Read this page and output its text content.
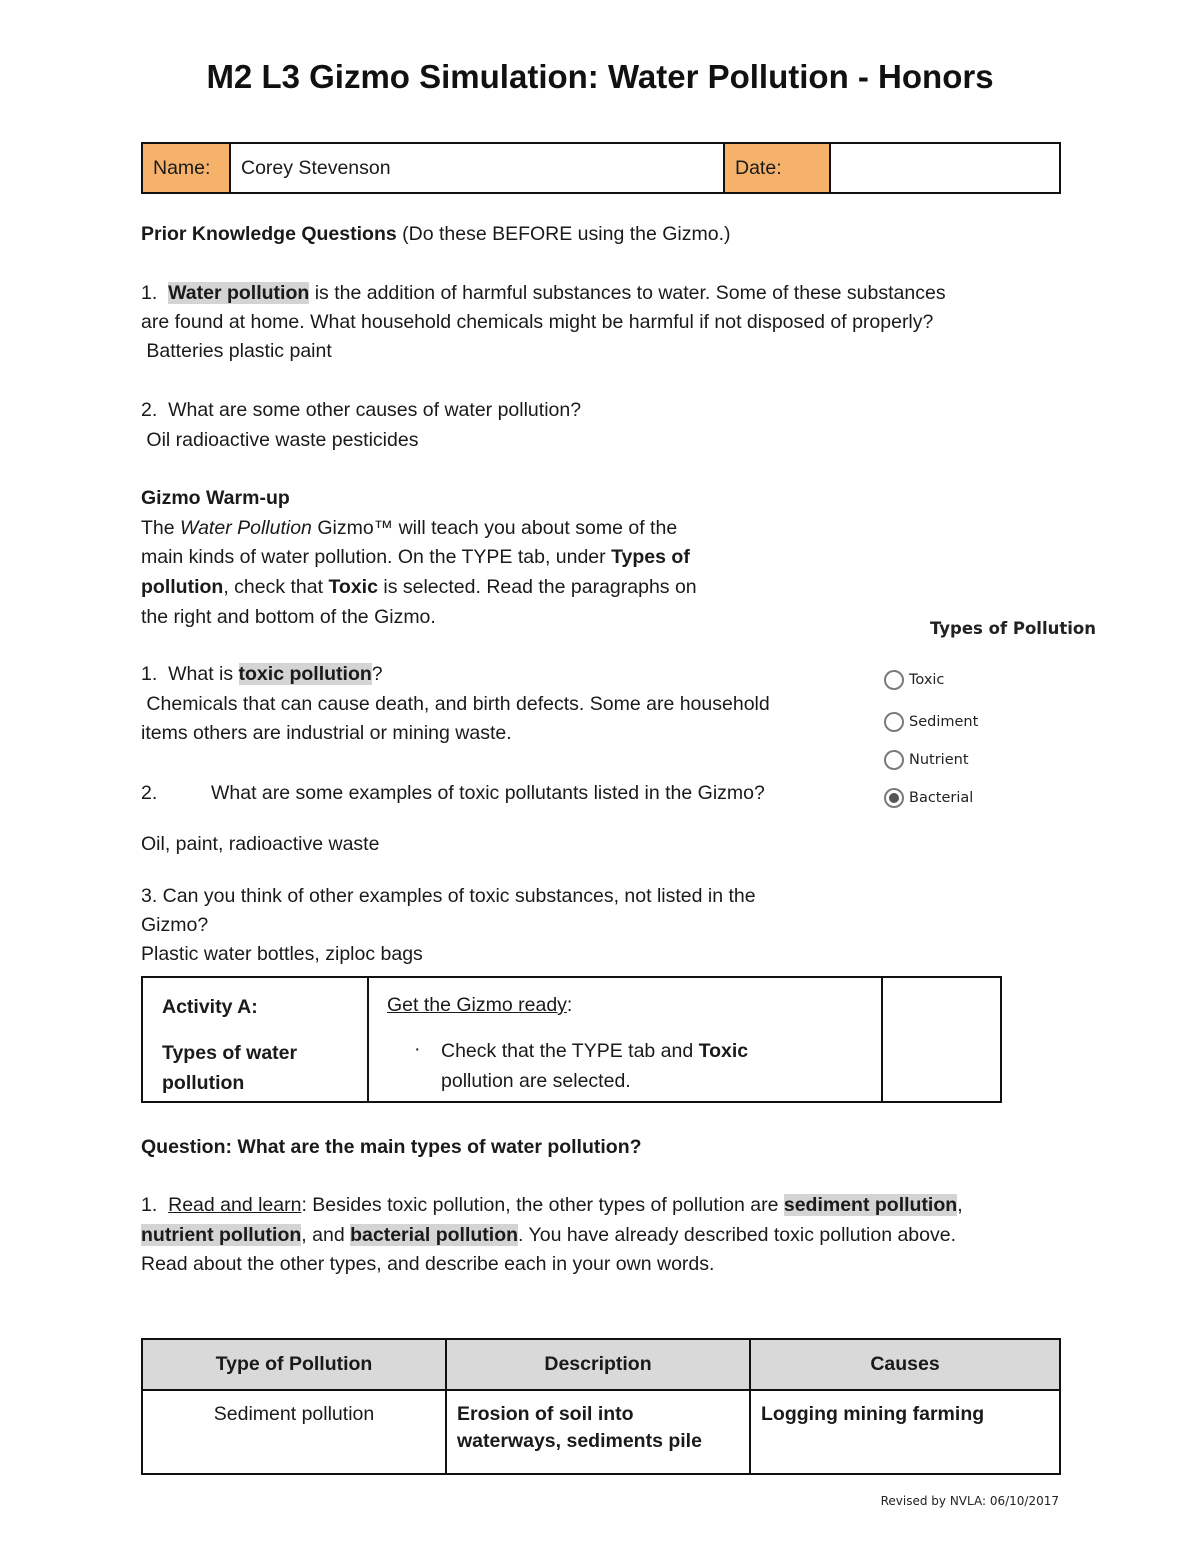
M2 L3 Gizmo Simulation: Water Pollution - Honors
Name:	Corey Stevenson	Date:	
Prior Knowledge Questions (Do these BEFORE using the Gizmo.)
1. Water pollution is the addition of harmful substances to water. Some of these substances
are found at home. What household chemicals might be harmful if not disposed of properly?
Batteries plastic paint
2.  What are some other causes of water pollution?
Oil radioactive waste pesticides
Gizmo Warm-up
The Water Pollution Gizmo™ will teach you about some of the
main kinds of water pollution. On the TYPE tab, under Types of
pollution, check that Toxic is selected. Read the paragraphs on
the right and bottom of the Gizmo.
1.  What is toxic pollution?
Chemicals that can cause death, and birth defects. Some are household
items others are industrial or mining waste.
2.	What are some examples of toxic pollutants listed in the Gizmo?
Oil, paint, radioactive waste
3. Can you think of other examples of toxic substances, not listed in the
Gizmo?
Plastic water bottles, ziploc bags
Types of Pollution
Toxic
Sediment
Nutrient
Bacterial
Activity A:
Types of water
pollution

Get the Gizmo ready:
· Check that the TYPE tab and Toxic
pollution are selected.

Question: What are the main types of water pollution?
1.  Read and learn: Besides toxic pollution, the other types of pollution are sediment pollution,
nutrient pollution, and bacterial pollution. You have already described toxic pollution above.
Read about the other types, and describe each in your own words.
Type of Pollution	Description	Causes
Sediment pollution	Erosion of soil into waterways, sediments pile	Logging mining farming
Revised by NVLA: 06/10/2017
